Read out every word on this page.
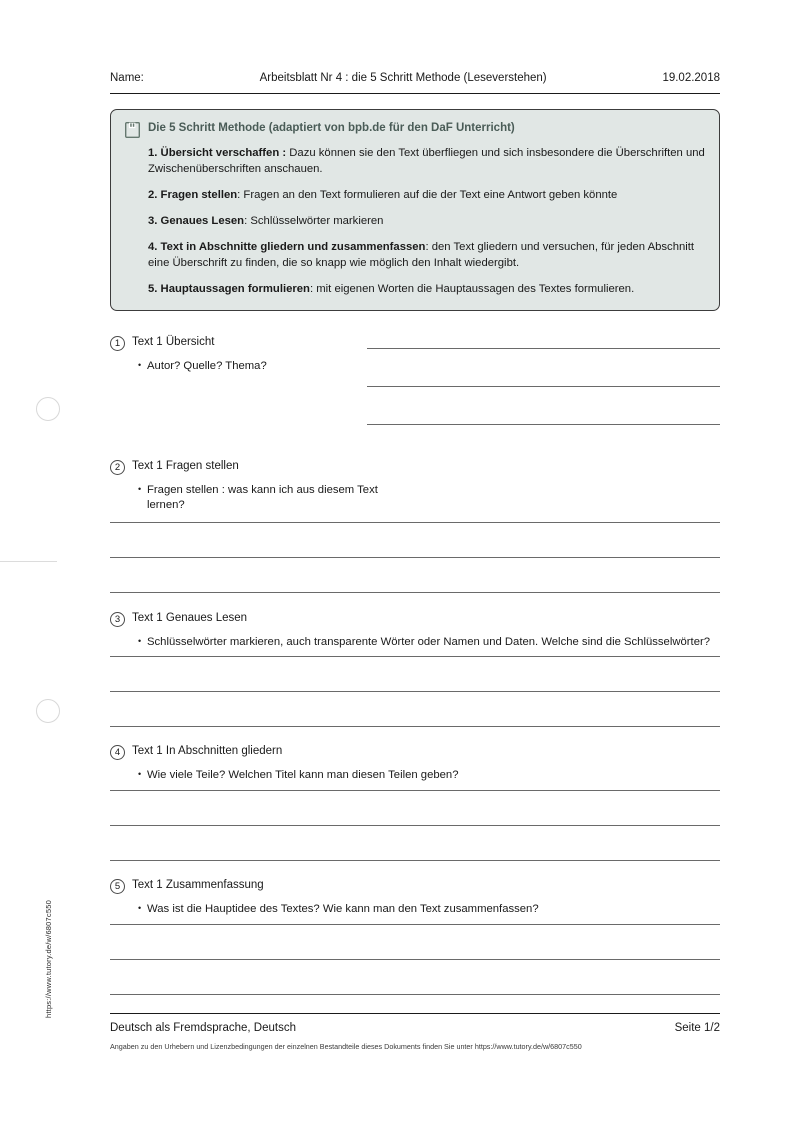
https://www.tutory.de/w/6807c550
Name:	Arbeitsblatt Nr 4 : die 5 Schritt Methode (Leseverstehen)	19.02.2018
Die 5 Schritt Methode (adaptiert von bpb.de für den DaF Unterricht)

1. Übersicht verschaffen : Dazu können sie den Text überfliegen und sich insbesondere die Überschriften und Zwischenüberschriften anschauen.

2. Fragen stellen: Fragen an den Text formulieren auf die der Text eine Antwort geben könnte

3. Genaues Lesen: Schlüsselwörter markieren

4. Text in Abschnitte gliedern und zusammenfassen: den Text gliedern und versuchen, für jeden Abschnitt eine Überschrift zu finden, die so knapp wie möglich den Inhalt wiedergibt.

5. Hauptaussagen formulieren: mit eigenen Worten die Hauptaussagen des Textes formulieren.

1	Text 1 Übersicht
• Autor? Quelle? Thema?
2	Text 1 Fragen stellen
• Fragen stellen : was kann ich aus diesem Text lernen?
3	Text 1 Genaues Lesen
• Schlüsselwörter markieren, auch transparente Wörter oder Namen und Daten. Welche sind die Schlüsselwörter?
4	Text 1 In Abschnitten gliedern
• Wie viele Teile? Welchen Titel kann man diesen Teilen geben?
5	Text 1 Zusammenfassung
• Was ist die Hauptidee des Textes? Wie kann man den Text zusammenfassen?
Deutsch als Fremdsprache, Deutsch	Seite 1/2
Angaben zu den Urhebern und Lizenzbedingungen der einzelnen Bestandteile dieses Dokuments finden Sie unter https://www.tutory.de/w/6807c550
